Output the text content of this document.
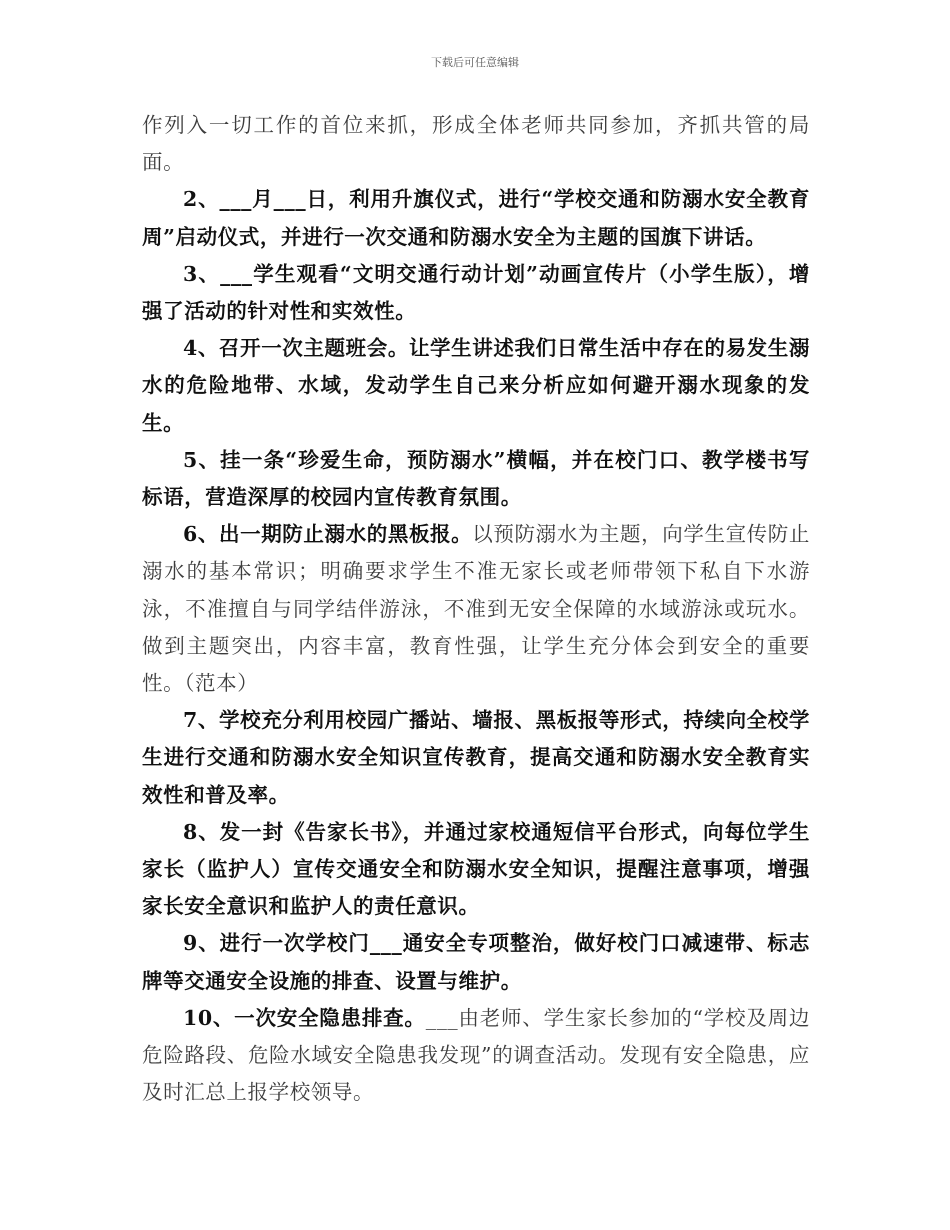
下载后可任意编辑

作列入一切工作的首位来抓，形成全体老师共同参加，齐抓共管的局面。

2、___月___日，利用升旗仪式，进行“学校交通和防溺水安全教育周”启动仪式，并进行一次交通和防溺水安全为主题的国旗下讲话。

3、___学生观看“文明交通行动计划”动画宣传片（小学生版），增强了活动的针对性和实效性。

4、召开一次主题班会。让学生讲述我们日常生活中存在的易发生溺水的危险地带、水域，发动学生自己来分析应如何避开溺水现象的发生。

5、挂一条“珍爱生命，预防溺水”横幅，并在校门口、教学楼书写标语，营造深厚的校园内宣传教育氛围。

6、出一期防止溺水的黑板报。以预防溺水为主题，向学生宣传防止溺水的基本常识；明确要求学生不准无家长或老师带领下私自下水游泳，不准擅自与同学结伴游泳，不准到无安全保障的水域游泳或玩水。做到主题突出，内容丰富，教育性强，让学生充分体会到安全的重要性。（范本）

7、学校充分利用校园广播站、墙报、黑板报等形式，持续向全校学生进行交通和防溺水安全知识宣传教育，提高交通和防溺水安全教育实效性和普及率。

8、发一封《告家长书》，并通过家校通短信平台形式，向每位学生家长（监护人）宣传交通安全和防溺水安全知识，提醒注意事项，增强家长安全意识和监护人的责任意识。

9、进行一次学校门___通安全专项整治，做好校门口减速带、标志牌等交通安全设施的排查、设置与维护。

10、一次安全隐患排查。___由老师、学生家长参加的“学校及周边危险路段、危险水域安全隐患我发现”的调查活动。发现有安全隐患，应及时汇总上报学校领导。
